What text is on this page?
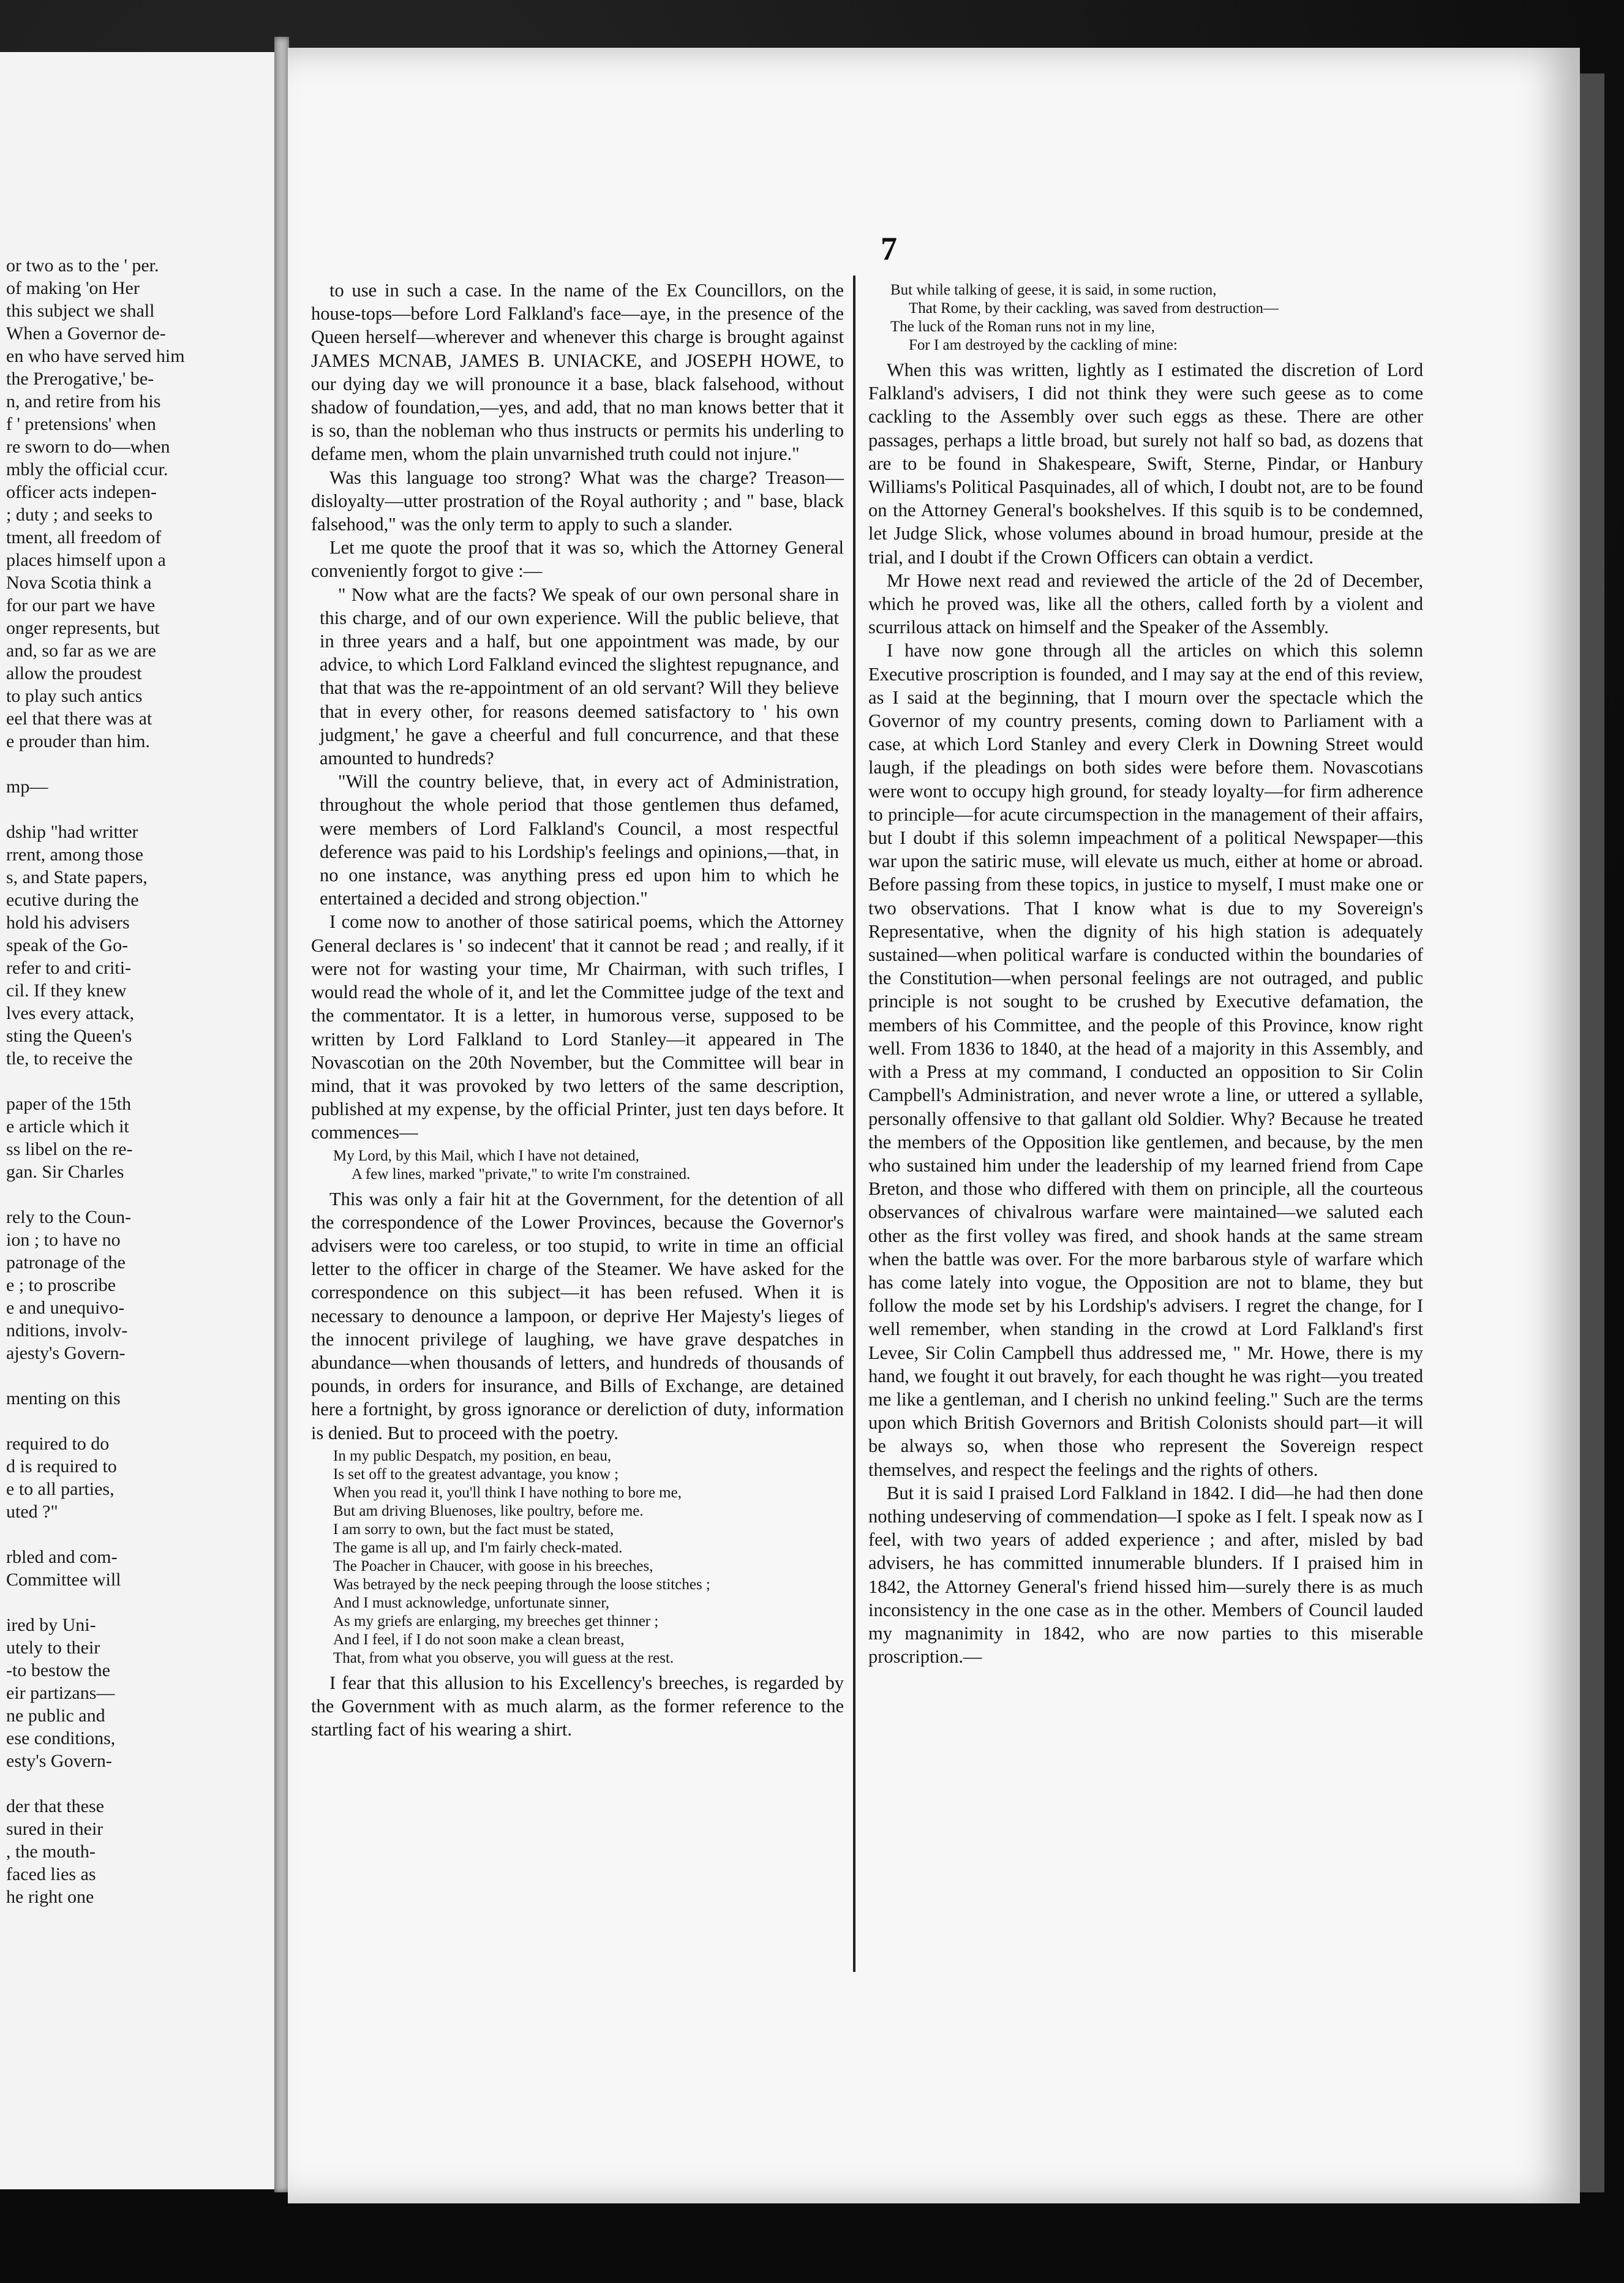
or two as to the ' per.
of making 'on Her
this subject we shall
When a Governor de-
en who have served him
the Prerogative,' be-
n, and retire from his
f ' pretensions' when
re sworn to do—when
mbly the official ccur.
officer acts indepen-
; duty ; and seeks to
tment, all freedom of
places himself upon a
Nova Scotia think a
for our part we have
onger represents, but
and, so far as we are
allow the proudest
to play such antics
eel that there was at
e prouder than him.

mp—

dship "had writter
rrent, among those
s, and State papers,
ecutive during the
hold his advisers
speak of the Go-
refer to and criti-
cil. If they knew
lves every attack,
sting the Queen's
tle, to receive the

paper of the 15th
e article which it
ss libel on the re-
gan. Sir Charles

rely to the Coun-
ion ; to have no
patronage of the
e ; to proscribe
e and unequivo-
nditions, involv-
ajesty's Govern-

menting on this

required to do
d is required to
e to all parties,
uted ?"

rbled and com-
Committee will

ired by Uni-
utely to their
-to bestow the
eir partizans—
ne public and
ese conditions,
esty's Govern-

der that these
sured in their
, the mouth-
faced lies as
he right one
7

to use in such a case. In the name of the Ex Councillors, on the house-tops—before Lord Falkland's face—aye, in the presence of the Queen herself—wherever and whenever this charge is brought against JAMES MCNAB, JAMES B. UNIACKE, and JOSEPH HOWE, to our dying day we will pronounce it a base, black falsehood, without shadow of foundation,—yes, and add, that no man knows better that it is so, than the nobleman who thus instructs or permits his underling to defame men, whom the plain unvarnished truth could not injure."

Was this language too strong? What was the charge? Treason—disloyalty—utter prostration of the Royal authority ; and " base, black falsehood," was the only term to apply to such a slander.

Let me quote the proof that it was so, which the Attorney General conveniently forgot to give :—

" Now what are the facts? We speak of our own personal share in this charge, and of our own experience. Will the public believe, that in three years and a half, but one appointment was made, by our advice, to which Lord Falkland evinced the slightest repugnance, and that that was the re-appointment of an old servant? Will they believe that in every other, for reasons deemed satisfactory to ' his own judgment,' he gave a cheerful and full concurrence, and that these amounted to hundreds?

"Will the country believe, that, in every act of Administration, throughout the whole period that those gentlemen thus defamed, were members of Lord Falkland's Council, a most respectful deference was paid to his Lordship's feelings and opinions,—that, in no one instance, was anything press ed upon him to which he entertained a decided and strong objection."

I come now to another of those satirical poems, which the Attorney General declares is ' so indecent' that it cannot be read ; and really, if it were not for wasting your time, Mr Chairman, with such trifles, I would read the whole of it, and let the Committee judge of the text and the commentator. It is a letter, in humorous verse, supposed to be written by Lord Falkland to Lord Stanley—it appeared in The Novascotian on the 20th November, but the Committee will bear in mind, that it was provoked by two letters of the same description, published at my expense, by the official Printer, just ten days before. It commences—

My Lord, by this Mail, which I have not detained,
A few lines, marked "private," to write I'm constrained.

This was only a fair hit at the Government, for the detention of all the correspondence of the Lower Provinces, because the Governor's advisers were too careless, or too stupid, to write in time an official letter to the officer in charge of the Steamer. We have asked for the correspondence on this subject—it has been refused. When it is necessary to denounce a lampoon, or deprive Her Majesty's lieges of the innocent privilege of laughing, we have grave despatches in abundance—when thousands of letters, and hundreds of thousands of pounds, in orders for insurance, and Bills of Exchange, are detained here a fortnight, by gross ignorance or dereliction of duty, information is denied. But to proceed with the poetry.

In my public Despatch, my position, en beau,
Is set off to the greatest advantage, you know ;
When you read it, you'll think I have nothing to bore me,
But am driving Bluenoses, like poultry, before me.
I am sorry to own, but the fact must be stated,
The game is all up, and I'm fairly check-mated.
The Poacher in Chaucer, with goose in his breeches,
Was betrayed by the neck peeping through the loose stitches ;
And I must acknowledge, unfortunate sinner,
As my griefs are enlarging, my breeches get thinner ;
And I feel, if I do not soon make a clean breast,
That, from what you observe, you will guess at the rest.

I fear that this allusion to his Excellency's breeches, is regarded by the Government with as much alarm, as the former reference to the startling fact of his wearing a shirt.

But while talking of geese, it is said, in some ruction,
That Rome, by their cackling, was saved from destruction—
The luck of the Roman runs not in my line,
For I am destroyed by the cackling of mine:

When this was written, lightly as I estimated the discretion of Lord Falkland's advisers, I did not think they were such geese as to come cackling to the Assembly over such eggs as these. There are other passages, perhaps a little broad, but surely not half so bad, as dozens that are to be found in Shakespeare, Swift, Sterne, Pindar, or Hanbury Williams's Political Pasquinades, all of which, I doubt not, are to be found on the Attorney General's bookshelves. If this squib is to be condemned, let Judge Slick, whose volumes abound in broad humour, preside at the trial, and I doubt if the Crown Officers can obtain a verdict.

Mr Howe next read and reviewed the article of the 2d of December, which he proved was, like all the others, called forth by a violent and scurrilous attack on himself and the Speaker of the Assembly.

I have now gone through all the articles on which this solemn Executive proscription is founded, and I may say at the end of this review, as I said at the beginning, that I mourn over the spectacle which the Governor of my country presents, coming down to Parliament with a case, at which Lord Stanley and every Clerk in Downing Street would laugh, if the pleadings on both sides were before them. Novascotians were wont to occupy high ground, for steady loyalty—for firm adherence to principle—for acute circumspection in the management of their affairs, but I doubt if this solemn impeachment of a political Newspaper—this war upon the satiric muse, will elevate us much, either at home or abroad. Before passing from these topics, in justice to myself, I must make one or two observations. That I know what is due to my Sovereign's Representative, when the dignity of his high station is adequately sustained—when political warfare is conducted within the boundaries of the Constitution—when personal feelings are not outraged, and public principle is not sought to be crushed by Executive defamation, the members of his Committee, and the people of this Province, know right well. From 1836 to 1840, at the head of a majority in this Assembly, and with a Press at my command, I conducted an opposition to Sir Colin Campbell's Administration, and never wrote a line, or uttered a syllable, personally offensive to that gallant old Soldier. Why? Because he treated the members of the Opposition like gentlemen, and because, by the men who sustained him under the leadership of my learned friend from Cape Breton, and those who differed with them on principle, all the courteous observances of chivalrous warfare were maintained—we saluted each other as the first volley was fired, and shook hands at the same stream when the battle was over. For the more barbarous style of warfare which has come lately into vogue, the Opposition are not to blame, they but follow the mode set by his Lordship's advisers. I regret the change, for I well remember, when standing in the crowd at Lord Falkland's first Levee, Sir Colin Campbell thus addressed me, " Mr. Howe, there is my hand, we fought it out bravely, for each thought he was right—you treated me like a gentleman, and I cherish no unkind feeling." Such are the terms upon which British Governors and British Colonists should part—it will be always so, when those who represent the Sovereign respect themselves, and respect the feelings and the rights of others.

But it is said I praised Lord Falkland in 1842. I did—he had then done nothing undeserving of commendation—I spoke as I felt. I speak now as I feel, with two years of added experience ; and after, misled by bad advisers, he has committed innumerable blunders. If I praised him in 1842, the Attorney General's friend hissed him—surely there is as much inconsistency in the one case as in the other. Members of Council lauded my magnanimity in 1842, who are now parties to this miserable proscription.—
